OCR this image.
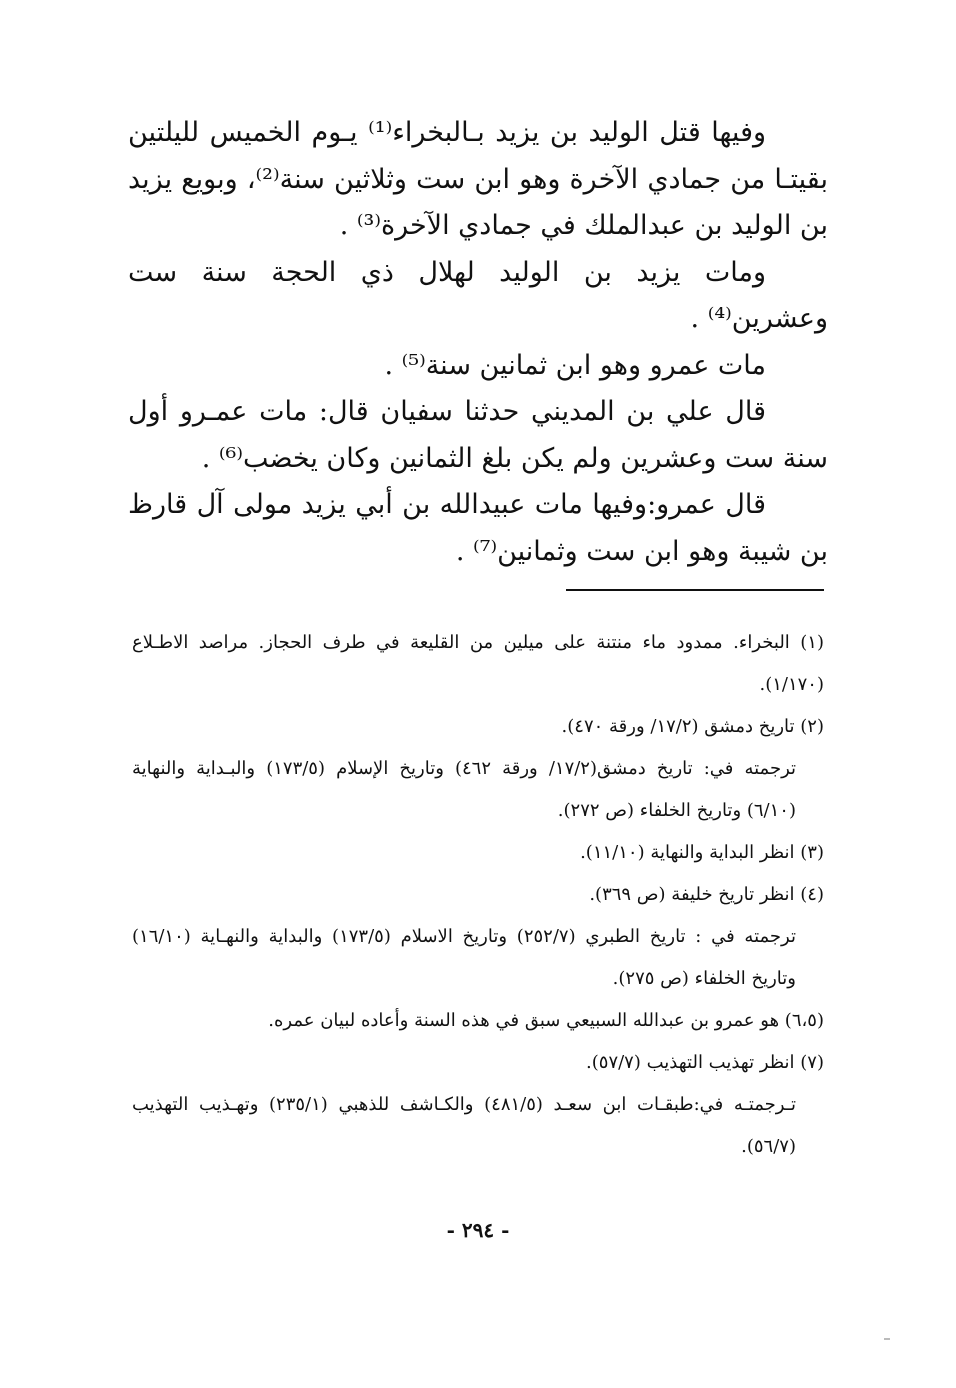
وفيها قتل الوليد بن يزيد بـالبخراء⁽¹⁾ يـوم الخميس لليلتين بقيتـا من جمادي الآخرة وهو ابن ست وثلاثين سنة⁽²⁾، وبويع يزيد بن الوليد بن عبدالملك في جمادي الآخرة⁽³⁾ .

ومات يزيد بن الوليد لهلال ذي الحجة سنة ست وعشرين⁽⁴⁾ .

مات عمرو وهو ابن ثمانين سنة⁽⁵⁾ .

قال علي بن المديني حدثنا سفيان قال: مات عمـرو أول سنة ست وعشرين ولم يكن بلغ الثمانين وكان يخضب⁽⁶⁾ .

قال عمرو:وفيها مات عبيدالله بن أبي يزيد مولى آل قارظ بن شيبة وهو ابن ست وثمانين⁽⁷⁾ .

(١) البخراء. ممدود ماء منتنة على ميلين من القليعة في طرف الحجاز. مراصد الاطـلاع (١/١٧٠).

(٢) تاريخ دمشق (١٧/٢/ ورقة ٤٧٠).

ترجمته في: تاريخ دمشق(١٧/٢/ ورقة ٤٦٢) وتاريخ الإسلام (١٧٣/٥) والبـداية والنهاية (٦/١٠) وتاريخ الخلفاء (ص ٢٧٢).

(٣) انظر البداية والنهاية (١١/١٠).

(٤) انظر تاريخ خليفة (ص ٣٦٩).

ترجمته في : تاريخ الطبري (٢٥٢/٧) وتاريخ الاسلام (١٧٣/٥) والبداية والنهـاية (١٦/١٠) وتاريخ الخلفاء (ص ٢٧٥).

(٦،٥) هو عمرو بن عبدالله السبيعي سبق في هذه السنة وأعاده لبيان عمره.

(٧) انظر تهذيب التهذيب (٥٧/٧).

تـرجمتـه في:طبقـات ابن سعـد (٤٨١/٥) والكـاشف للذهبي (٢٣٥/١) وتهـذيب التهذيب (٥٦/٧).

- ٢٩٤ -
